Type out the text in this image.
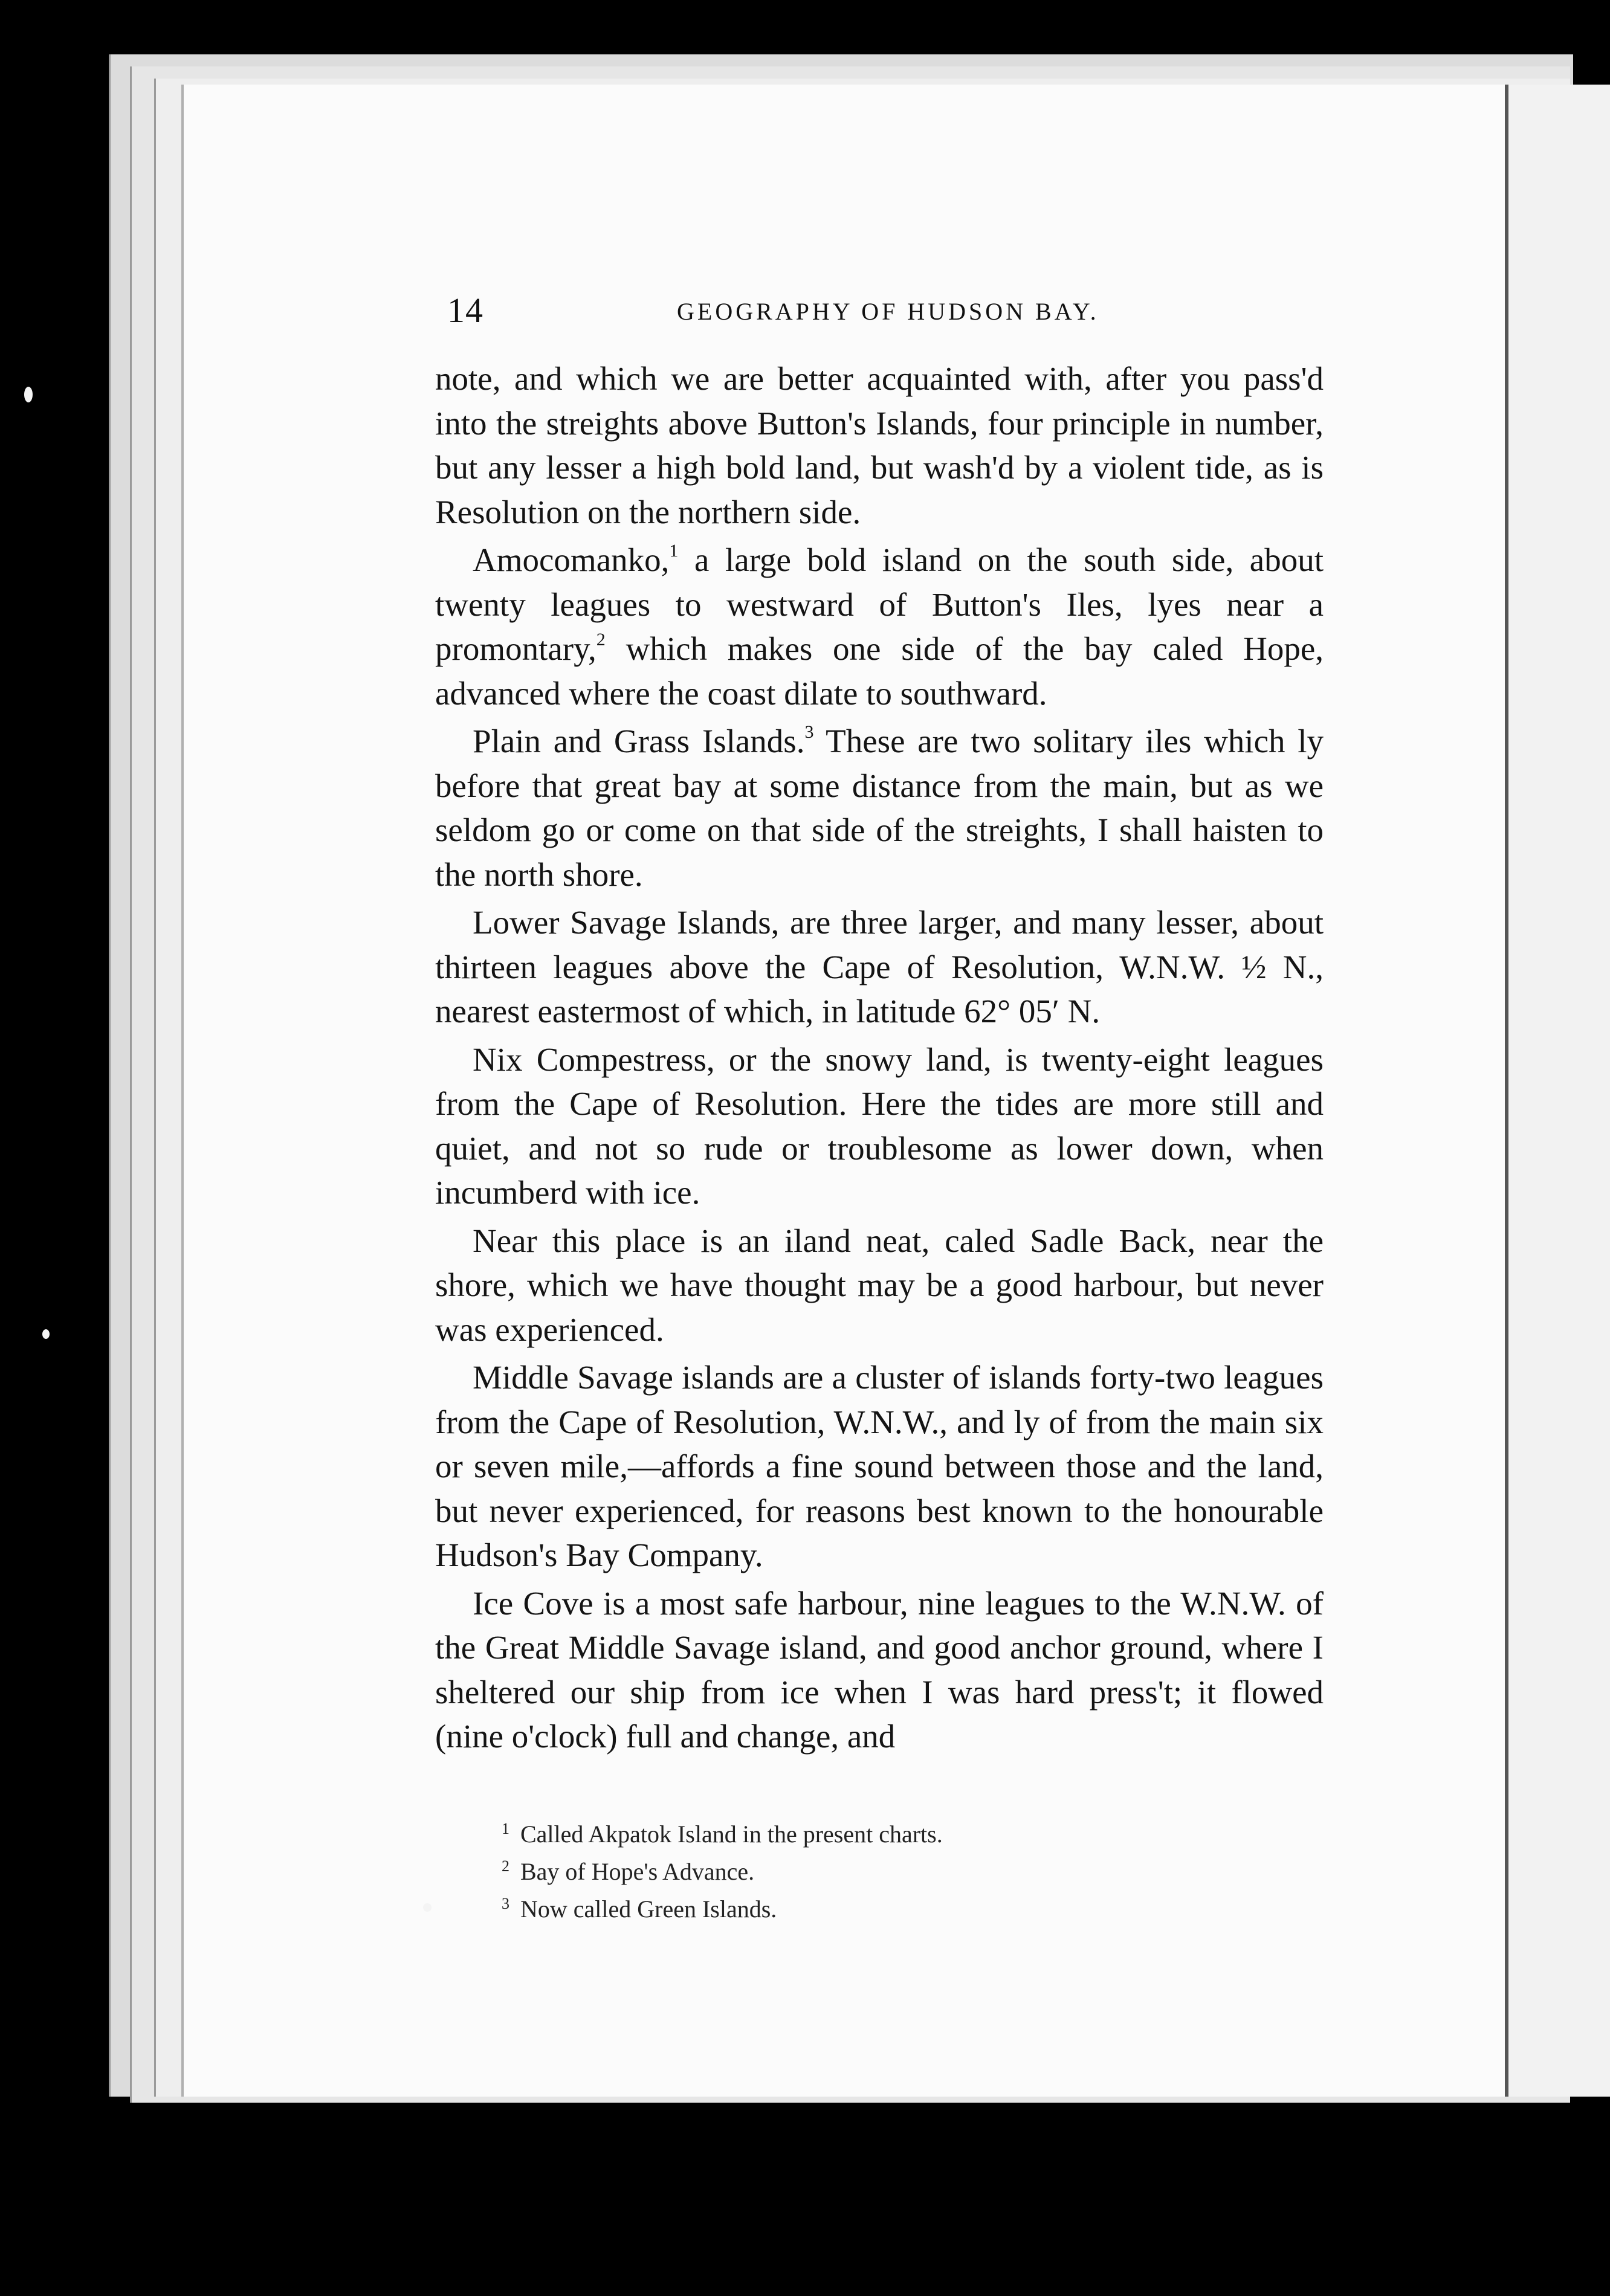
14	GEOGRAPHY OF HUDSON BAY.

note, and which we are better acquainted with, after you pass'd into the streights above Button's Islands, four principle in number, but any lesser a high bold land, but wash'd by a violent tide, as is Resolution on the northern side.

Amocomanko,$^1$ a large bold island on the south side, about twenty leagues to westward of Button's Iles, lyes near a promontary,$^2$ which makes one side of the bay caled Hope, advanced where the coast dilate to southward.

Plain and Grass Islands.$^3$ These are two solitary iles which ly before that great bay at some distance from the main, but as we seldom go or come on that side of the streights, I shall haisten to the north shore.

Lower Savage Islands, are three larger, and many lesser, about thirteen leagues above the Cape of Resolution, W.N.W. ½ N., nearest eastermost of which, in latitude 62° 05′ N.

Nix Compestress, or the snowy land, is twenty-eight leagues from the Cape of Resolution. Here the tides are more still and quiet, and not so rude or troublesome as lower down, when incumberd with ice.

Near this place is an iland neat, caled Sadle Back, near the shore, which we have thought may be a good harbour, but never was experienced.

Middle Savage islands are a cluster of islands forty-two leagues from the Cape of Resolution, W.N.W., and ly of from the main six or seven mile,—affords a fine sound between those and the land, but never experienced, for reasons best known to the honourable Hudson's Bay Company.

Ice Cove is a most safe harbour, nine leagues to the W.N.W. of the Great Middle Savage island, and good anchor ground, where I sheltered our ship from ice when I was hard press't; it flowed (nine o'clock) full and change, and

$^1$ Called Akpatok Island in the present charts.

$^2$ Bay of Hope's Advance.

$^3$ Now called Green Islands.
